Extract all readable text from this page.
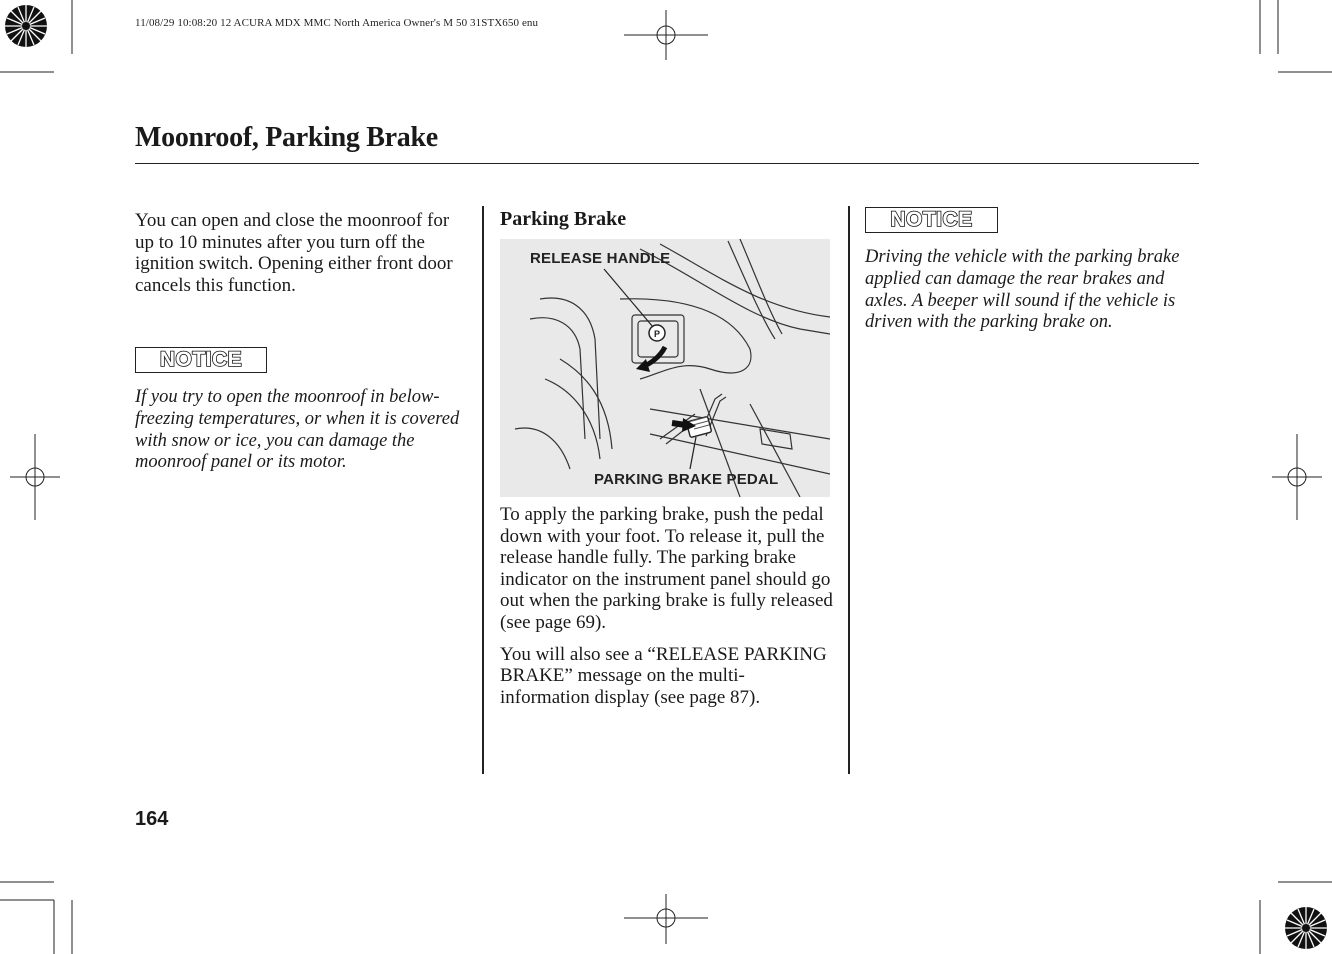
11/08/29 10:08:20 12 ACURA MDX MMC North America Owner's M 50 31STX650 enu
Moonroof, Parking Brake

You can open and close the moonroof for up to 10 minutes after you turn off the ignition switch. Opening either front door cancels this function.

NOTICE

If you try to open the moonroof in below-freezing temperatures, or when it is covered with snow or ice, you can damage the moonroof panel or its motor.

Parking Brake
P
RELEASE HANDLE
PARKING BRAKE PEDAL

To apply the parking brake, push the pedal down with your foot. To release it, pull the release handle fully. The parking brake indicator on the instrument panel should go out when the parking brake is fully released (see page 69).

You will also see a “RELEASE PARKING BRAKE” message on the multi-information display (see page 87).

NOTICE

Driving the vehicle with the parking brake applied can damage the rear brakes and axles. A beeper will sound if the vehicle is driven with the parking brake on.

164
